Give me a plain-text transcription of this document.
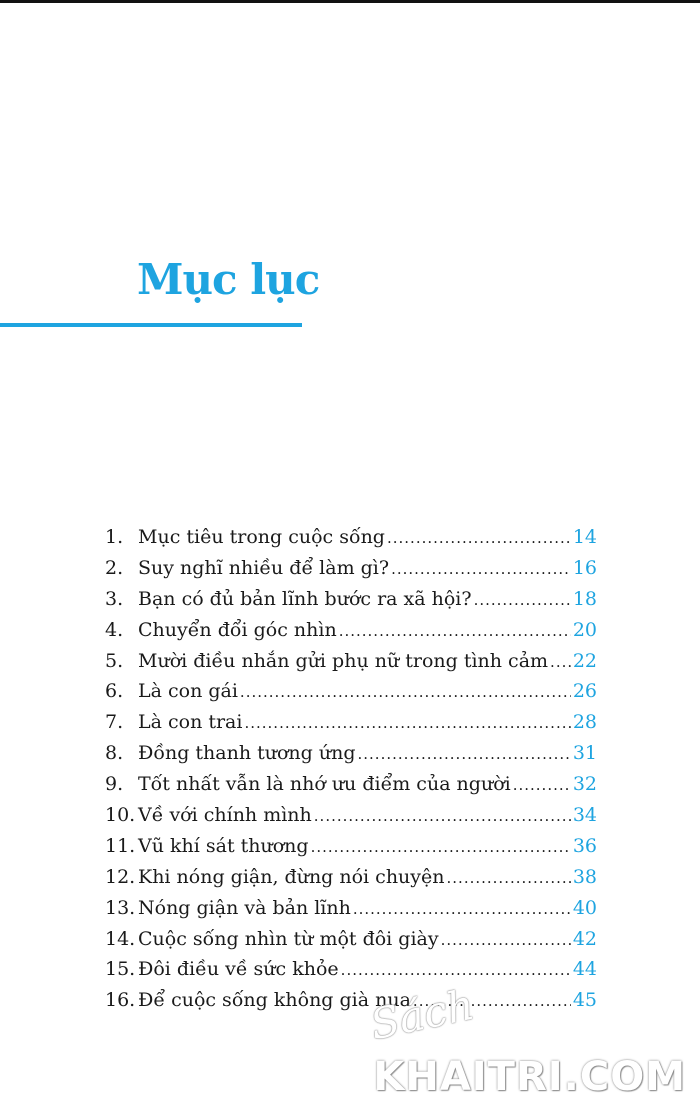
Mục lục
1. Mục tiêu trong cuộc sống .....	14
2. Suy nghĩ nhiều để làm gì? .....	16
3. Bạn có đủ bản lĩnh bước ra xã hội? .....	18
4. Chuyển đổi góc nhìn .....	20
5. Mười điều nhắn gửi phụ nữ trong tình cảm ..... 22
6. Là con gái .....	26
7. Là con trai .....	28
8. Đồng thanh tương ứng .....	31
9. Tốt nhất vẫn là nhớ ưu điểm của người .....	32
10. Về với chính mình .....	34
11. Vũ khí sát thương .....	36
12. Khi nóng giận, đừng nói chuyện .....	38
13. Nóng giận và bản lĩnh .....	40
14. Cuộc sống nhìn từ một đôi giày .....	42
15. Đôi điều về sức khỏe .....	44
16. Để cuộc sống không già nua .....	45

Sách

KHAITRI.COM
